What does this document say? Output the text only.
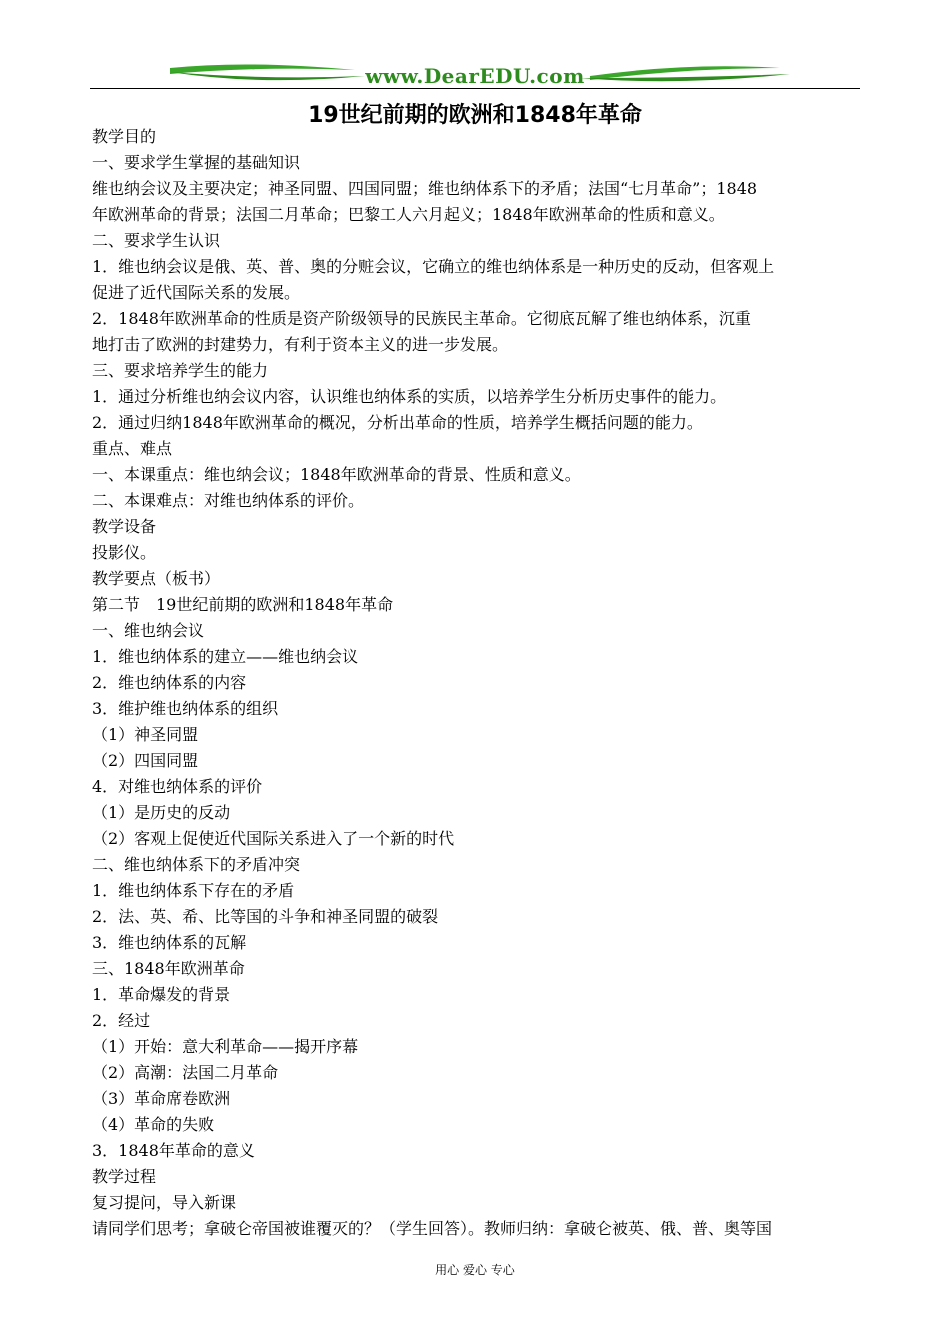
www.DearEDU.com
19世纪前期的欧洲和1848年革命
教学目的
一、要求学生掌握的基础知识
维也纳会议及主要决定；神圣同盟、四国同盟；维也纳体系下的矛盾；法国“七月革命”；1848
年欧洲革命的背景；法国二月革命；巴黎工人六月起义；1848年欧洲革命的性质和意义。
二、要求学生认识
1．维也纳会议是俄、英、普、奥的分赃会议，它确立的维也纳体系是一种历史的反动，但客观上
促进了近代国际关系的发展。
2．1848年欧洲革命的性质是资产阶级领导的民族民主革命。它彻底瓦解了维也纳体系，沉重
地打击了欧洲的封建势力，有利于资本主义的进一步发展。
三、要求培养学生的能力
1．通过分析维也纳会议内容，认识维也纳体系的实质，以培养学生分析历史事件的能力。
2．通过归纳1848年欧洲革命的概况，分析出革命的性质，培养学生概括问题的能力。
重点、难点
一、本课重点：维也纳会议；1848年欧洲革命的背景、性质和意义。
二、本课难点：对维也纳体系的评价。
教学设备
投影仪。
教学要点（板书）
第二节　19世纪前期的欧洲和1848年革命
一、维也纳会议
1．维也纳体系的建立——维也纳会议
2．维也纳体系的内容
3．维护维也纳体系的组织
（1）神圣同盟
（2）四国同盟
4．对维也纳体系的评价
（1）是历史的反动
（2）客观上促使近代国际关系进入了一个新的时代
二、维也纳体系下的矛盾冲突
1．维也纳体系下存在的矛盾
2．法、英、希、比等国的斗争和神圣同盟的破裂
3．维也纳体系的瓦解
三、1848年欧洲革命
1．革命爆发的背景
2．经过
（1）开始：意大利革命——揭开序幕
（2）高潮：法国二月革命
（3）革命席卷欧洲
（4）革命的失败
3．1848年革命的意义
教学过程
复习提问，导入新课
请同学们思考；拿破仑帝国被谁覆灭的？（学生回答）。教师归纳：拿破仑被英、俄、普、奥等国
用心 爱心 专心
